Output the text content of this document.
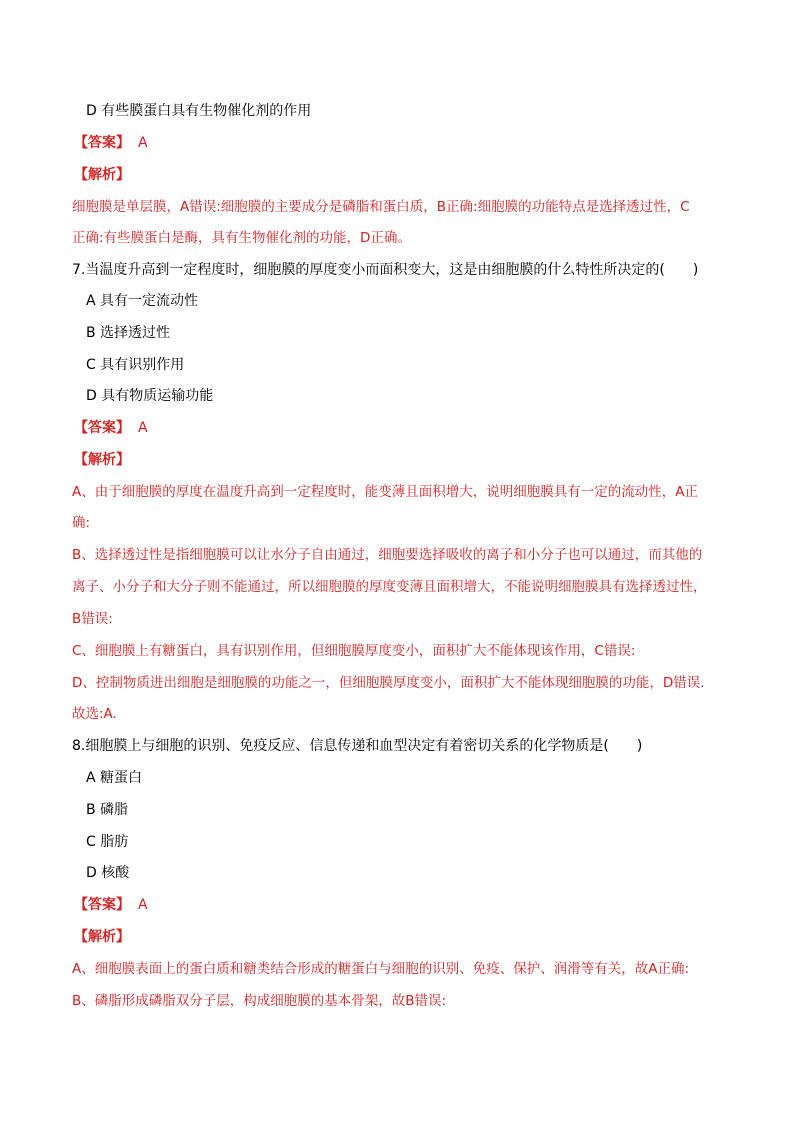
D 有些膜蛋白具有生物催化剂的作用
【答案】 A
【解析】
细胞膜是单层膜，A错误:细胞膜的主要成分是磷脂和蛋白质，B正确:细胞膜的功能特点是选择透过性，C
正确:有些膜蛋白是酶，具有生物催化剂的功能，D正确。
7.当温度升高到一定程度时，细胞膜的厚度变小而面积变大，这是由细胞膜的什么特性所决定的(　　)
A 具有一定流动性
B 选择透过性
C 具有识别作用
D 具有物质运输功能
【答案】 A
【解析】
A、由于细胞膜的厚度在温度升高到一定程度时，能变薄且面积增大，说明细胞膜具有一定的流动性，A正
确:
B、选择透过性是指细胞膜可以让水分子自由通过，细胞要选择吸收的离子和小分子也可以通过，而其他的
离子、小分子和大分子则不能通过，所以细胞膜的厚度变薄且面积增大，不能说明细胞膜具有选择透过性，
B错误:
C、细胞膜上有糖蛋白，具有识别作用，但细胞膜厚度变小，面积扩大不能体现该作用，C错误:
D、控制物质进出细胞是细胞膜的功能之一，但细胞膜厚度变小，面积扩大不能体现细胞膜的功能，D错误.
故选:A.
8.细胞膜上与细胞的识别、免疫反应、信息传递和血型决定有着密切关系的化学物质是(　　)
A 糖蛋白
B 磷脂
C 脂肪
D 核酸
【答案】 A
【解析】
A、细胞膜表面上的蛋白质和糖类结合形成的糖蛋白与细胞的识别、免疫、保护、润滑等有关，故A正确:
B、磷脂形成磷脂双分子层，构成细胞膜的基本骨架，故B错误:
